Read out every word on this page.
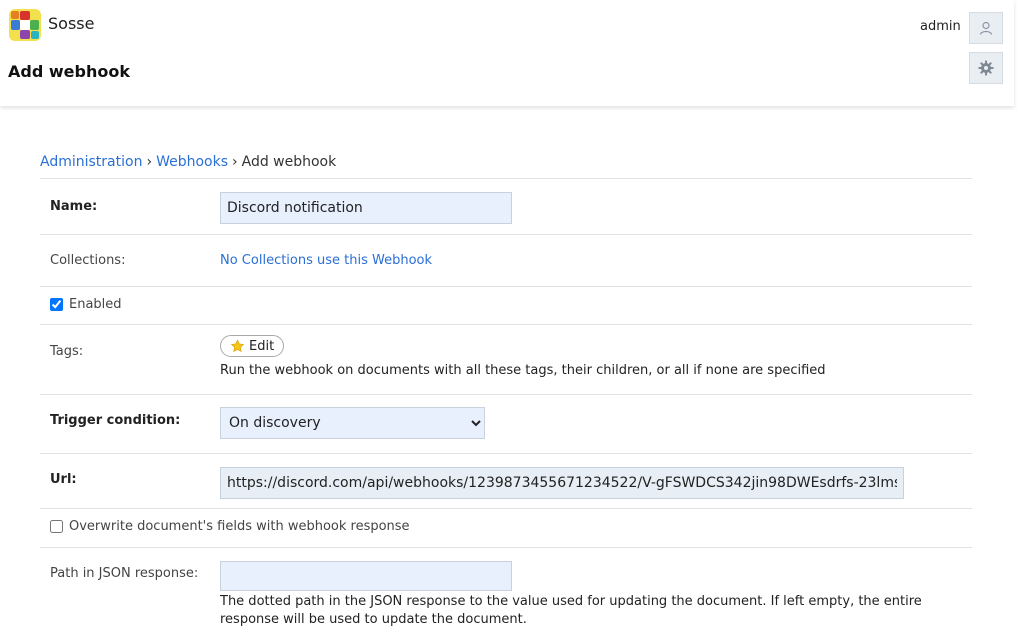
Sosse
Add webhook
admin
Administration › Webhooks › Add webhook
Name:
Discord notification
Collections:	No Collections use this Webhook
Enabled
Tags:	Edit
Run the webhook on documents with all these tags, their children, or all if none are specified
Trigger condition:
On discovery
Url:
https://discord.com/api/webhooks/1239873455671234522/V-gFSWDCS342jin98DWEsdrfs-23lmsWEaloK
Overwrite document's fields with webhook response
Path in JSON response:
The dotted path in the JSON response to the value used for updating the document. If left empty, the entire response will be used to update the document.
